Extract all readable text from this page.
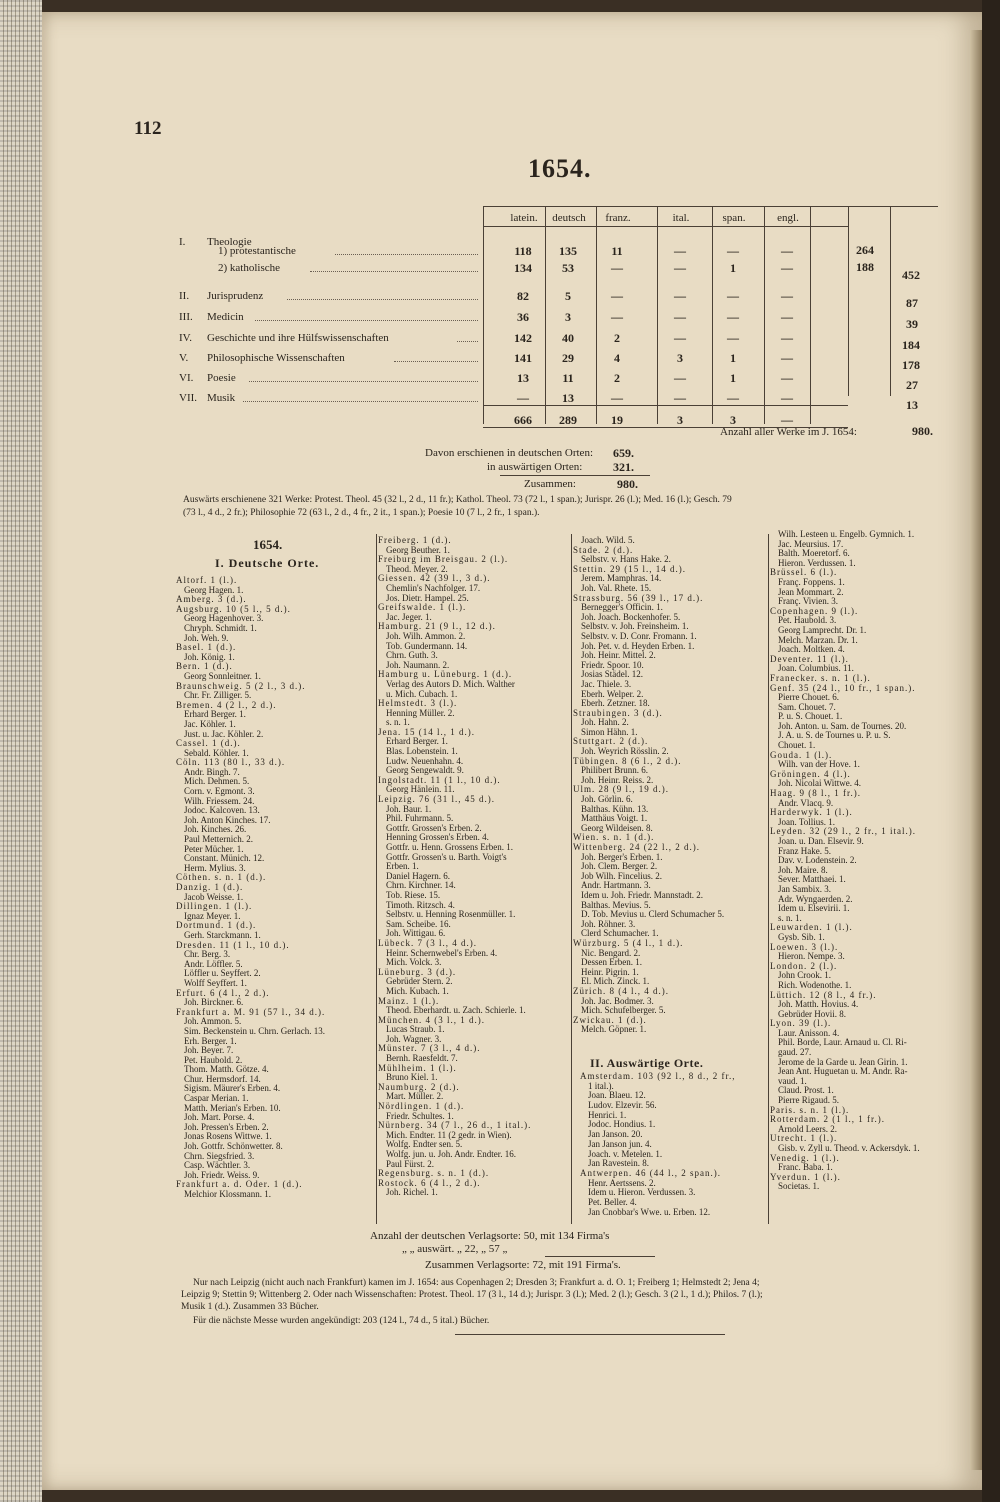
112
1654.
latein.	deutsch	franz.	ital.	span.	engl.
I. Theologie
1) protestantische	118	135	11	—	—	—	264
2) katholische	134	53	—	—	1	—	188
452
II. Jurisprudenz	82	5	—	—	—	—	87
III. Medicin	36	3	—	—	—	—	39
IV. Geschichte und ihre Hülfswissenschaften	142	40	2	—	—	—	184
V. Philosophische Wissenschaften	141	29	4	3	1	—	178
VI. Poesie	13	11	2	—	1	—	27
VII. Musik	—	13	—	—	—	—	13
666	289	19	3	3	—
Anzahl aller Werke im J. 1654:	980.
Davon erschienen in deutschen Orten: 659.
in auswärtigen Orten:	321.
Zusammen:	980.
Auswärts erschienene 321 Werke: Protest. Theol. 45 (32 l., 2 d., 11 fr.); Kathol. Theol. 73 (72 l., 1 span.); Jurispr. 26 (l.); Med. 16 (l.); Gesch. 79
(73 l., 4 d., 2 fr.); Philosophie 72 (63 l., 2 d., 4 fr., 2 it., 1 span.); Poesie 10 (7 l., 2 fr., 1 span.).
1654.
I. Deutsche Orte.
Altorf. 1 (l.).
Georg Hagen. 1.
Amberg. 3 (d.).
Augsburg. 10 (5 l., 5 d.).
Georg Hagenhover. 3.
Chryph. Schmidt. 1.
Joh. Weh. 9.
Basel. 1 (d.).
Joh. König. 1.
Bern. 1 (d.).
Georg Sonnleitner. 1.
Braunschweig. 5 (2 l., 3 d.).
Chr. Fr. Zilliger. 5.
Bremen. 4 (2 l., 2 d.).
Erhard Berger. 1.
Jac. Köhler. 1.
Just. u. Jac. Köhler. 2.
Cassel. 1 (d.).
Sebald. Köhler. 1.
Cöln. 113 (80 l., 33 d.).
Andr. Bingh. 7.
Mich. Dehmen. 5.
Corn. v. Egmont. 3.
Wilh. Friessem. 24.
Jodoc. Kalcoven. 13.
Joh. Anton Kinches. 17.
Joh. Kinches. 26.
Paul Metternich. 2.
Peter Mücher. 1.
Constant. Münich. 12.
Herm. Mylius. 3.
Cöthen. s. n. 1 (d.).
Danzig. 1 (d.).
Jacob Weisse. 1.
Dillingen. 1 (l.).
Ignaz Meyer. 1.
Dortmund. 1 (d.).
Gerh. Starckmann. 1.
Dresden. 11 (1 l., 10 d.).
Chr. Berg. 3.
Andr. Löffler. 5.
Löffler u. Seyffert. 2.
Wolff Seyffert. 1.
Erfurt. 6 (4 l., 2 d.).
Joh. Birckner. 6.
Frankfurt a. M. 91 (57 l., 34 d.).
Joh. Ammon. 5.
Sim. Beckenstein u. Chrn. Gerlach. 13.
Erh. Berger. 1.
Joh. Beyer. 7.
Pet. Haubold. 2.
Thom. Matth. Götze. 4.
Chur. Hermsdorf. 14.
Sigism. Mäurer's Erben. 4.
Caspar Merian. 1.
Matth. Merian's Erben. 10.
Joh. Mart. Porse. 4.
Joh. Pressen's Erben. 2.
Jonas Rosens Wittwe. 1.
Joh. Gottfr. Schönwetter. 8.
Chrn. Siegsfried. 3.
Casp. Wächtler. 3.
Joh. Friedr. Weiss. 9.
Frankfurt a. d. Oder. 1 (d.).
Melchior Klossmann. 1.
Freiberg. 1 (d.).
Georg Beuther. 1.
Freiburg im Breisgau. 2 (l.).
Theod. Meyer. 2.
Giessen. 42 (39 l., 3 d.).
Chemlin's Nachfolger. 17.
Jos. Dietr. Hampel. 25.
Greifswalde. 1 (l.).
Jac. Jeger. 1.
Hamburg. 21 (9 l., 12 d.).
Joh. Wilh. Ammon. 2.
Tob. Gundermann. 14.
Chrn. Guth. 3.
Joh. Naumann. 2.
Hamburg u. Lüneburg. 1 (d.).
Verlag des Autors D. Mich. Walther
u. Mich. Cubach. 1.
Helmstedt. 3 (l.).
Henning Müller. 2.
s. n. 1.
Jena. 15 (14 l., 1 d.).
Erhard Berger. 1.
Blas. Lobenstein. 1.
Ludw. Neuenhahn. 4.
Georg Sengewaldt. 9.
Ingolstadt. 11 (1 l., 10 d.).
Georg Hänlein. 11.
Leipzig. 76 (31 l., 45 d.).
Joh. Baur. 1.
Phil. Fuhrmann. 5.
Gottfr. Grossen's Erben. 2.
Henning Grossen's Erben. 4.
Gottfr. u. Henn. Grossens Erben. 1.
Gottfr. Grossen's u. Barth. Voigt's
Erben. 1.
Daniel Hagern. 6.
Chrn. Kirchner. 14.
Tob. Riese. 15.
Timoth. Ritzsch. 4.
Selbstv. u. Henning Rosenmüller. 1.
Sam. Scheibe. 16.
Joh. Wittigau. 6.
Lübeck. 7 (3 l., 4 d.).
Heinr. Schernwebel's Erben. 4.
Mich. Volck. 3.
Lüneburg. 3 (d.).
Gebrüder Stern. 2.
Mich. Kubach. 1.
Mainz. 1 (l.).
Theod. Eberhardt. u. Zach. Schierle. 1.
München. 4 (3 l., 1 d.).
Lucas Straub. 1.
Joh. Wagner. 3.
Münster. 7 (3 l., 4 d.).
Bernh. Raesfeldt. 7.
Mühlheim. 1 (l.).
Bruno Kiel. 1.
Naumburg. 2 (d.).
Mart. Müller. 2.
Nördlingen. 1 (d.).
Friedr. Schultes. 1.
Nürnberg. 34 (7 l., 26 d., 1 ital.).
Mich. Endter. 11 (2 gedr. in Wien).
Wolfg. Endter sen. 5.
Wolfg. jun. u. Joh. Andr. Endter. 16.
Paul Fürst. 2.
Regensburg. s. n. 1 (d.).
Rostock. 6 (4 l., 2 d.).
Joh. Richel. 1.
Joach. Wild. 5.
Stade. 2 (d.).
Selbstv. v. Hans Hake. 2.
Stettin. 29 (15 l., 14 d.).
Jerem. Mamphras. 14.
Joh. Val. Rhete. 15.
Strassburg. 56 (39 l., 17 d.).
Bernegger's Officin. 1.
Joh. Joach. Bockenhofer. 5.
Selbstv. v. Joh. Freinsheim. 1.
Selbstv. v. D. Conr. Fromann. 1.
Joh. Pet. v. d. Heyden Erben. 1.
Joh. Heinr. Mittel. 2.
Friedr. Spoor. 10.
Josias Städel. 12.
Jac. Thiele. 3.
Eberh. Welper. 2.
Eberh. Zetzner. 18.
Straubingen. 3 (d.).
Joh. Hahn. 2.
Simon Hähn. 1.
Stuttgart. 2 (d.).
Joh. Weyrich Rösslin. 2.
Tübingen. 8 (6 l., 2 d.).
Philibert Brunn. 6.
Joh. Heinr. Reiss. 2.
Ulm. 28 (9 l., 19 d.).
Joh. Görlin. 6.
Balthas. Kühn. 13.
Matthäus Voigt. 1.
Georg Wildeisen. 8.
Wien. s. n. 1 (d.).
Wittenberg. 24 (22 l., 2 d.).
Joh. Berger's Erben. 1.
Joh. Clem. Berger. 2.
Job Wilh. Fincelius. 2.
Andr. Hartmann. 3.
Idem u. Joh. Friedr. Mannstadt. 2.
Balthas. Mevius. 5.
D. Tob. Mevius u. Clerd Schumacher 5.
Joh. Röhner. 3.
Clerd Schumacher. 1.
Würzburg. 5 (4 l., 1 d.).
Nic. Bengard. 2.
Dessen Erben. 1.
Heinr. Pigrin. 1.
El. Mich. Zinck. 1.
Zürich. 8 (4 l., 4 d.).
Joh. Jac. Bodmer. 3.
Mich. Schufelberger. 5.
Zwickau. 1 (d.).
Melch. Göpner. 1.
II. Auswärtige Orte.
Amsterdam. 103 (92 l., 8 d., 2 fr.,
1 ital.).
Joan. Blaeu. 12.
Ludov. Elzevir. 56.
Henrici. 1.
Jodoc. Hondius. 1.
Jan Janson. 20.
Jan Janson jun. 4.
Joach. v. Metelen. 1.
Jan Ravestein. 8.
Antwerpen. 46 (44 l., 2 span.).
Henr. Aertssens. 2.
Idem u. Hieron. Verdussen. 3.
Pet. Beller. 4.
Jan Cnobbar's Wwe. u. Erben. 12.
Wilh. Lesteen u. Engelb. Gymnich. 1.
Jac. Meursius. 17.
Balth. Moeretorf. 6.
Hieron. Verdussen. 1.
Brüssel. 6 (l.).
Franç. Foppens. 1.
Jean Mommart. 2.
Franç. Vivien. 3.
Copenhagen. 9 (l.).
Pet. Haubold. 3.
Georg Lamprecht. Dr. 1.
Melch. Marzan. Dr. 1.
Joach. Moltken. 4.
Deventer. 11 (l.).
Joan. Columbius. 11.
Franecker. s. n. 1 (l.).
Genf. 35 (24 l., 10 fr., 1 span.).
Pierre Chouet. 6.
Sam. Chouet. 7.
P. u. S. Chouet. 1.
Joh. Anton. u. Sam. de Tournes. 20.
J. A. u. S. de Tournes u. P. u. S.
Chouet. 1.
Gouda. 1 (l.).
Wilh. van der Hove. 1.
Gröningen. 4 (l.).
Joh. Nicolai Wittwe. 4.
Haag. 9 (8 l., 1 fr.).
Andr. Vlacq. 9.
Harderwyk. 1 (l.).
Joan. Tollius. 1.
Leyden. 32 (29 l., 2 fr., 1 ital.).
Joan. u. Dan. Elsevir. 9.
Franz Hake. 5.
Dav. v. Lodenstein. 2.
Joh. Maire. 8.
Sever. Matthaei. 1.
Jan Sambix. 3.
Adr. Wyngaerden. 2.
Idem u. Elsevirii. 1.
s. n. 1.
Leuwarden. 1 (l.).
Gysb. Sib. 1.
Loewen. 3 (l.).
Hieron. Nempe. 3.
London. 2 (l.).
John Crook. 1.
Rich. Wodenothe. 1.
Lüttich. 12 (8 l., 4 fr.).
Joh. Matth. Hovius. 4.
Gebrüder Hovii. 8.
Lyon. 39 (l.).
Laur. Anisson. 4.
Phil. Borde, Laur. Arnaud u. Cl. Ri-
gaud. 27.
Jerome de la Garde u. Jean Girin. 1.
Jean Ant. Huguetan u. M. Andr. Ra-
vaud. 1.
Claud. Prost. 1.
Pierre Rigaud. 5.
Paris. s. n. 1 (l.).
Rotterdam. 2 (1 l., 1 fr.).
Arnold Leers. 2.
Utrecht. 1 (l.).
Gisb. v. Zyll u. Theod. v. Ackersdyk. 1.
Venedig. 1 (l.).
Franc. Baba. 1.
Yverdun. 1 (l.).
Societas. 1.
Anzahl der deutschen Verlagsorte: 50, mit 134 Firma's
„ „ auswärt. „ 22, „ 57 „
Zusammen Verlagsorte: 72, mit 191 Firma's.
Nur nach Leipzig (nicht auch nach Frankfurt) kamen im J. 1654: aus Copenhagen 2; Dresden 3; Frankfurt a. d. O. 1; Freiberg 1; Helmstedt 2; Jena 4;
Leipzig 9; Stettin 9; Wittenberg 2. Oder nach Wissenschaften: Protest. Theol. 17 (3 l., 14 d.); Jurispr. 3 (l.); Med. 2 (l.); Gesch. 3 (2 l., 1 d.); Philos. 7 (l.);
Musik 1 (d.). Zusammen 33 Bücher.
Für die nächste Messe wurden angekündigt: 203 (124 l., 74 d., 5 ital.) Bücher.
